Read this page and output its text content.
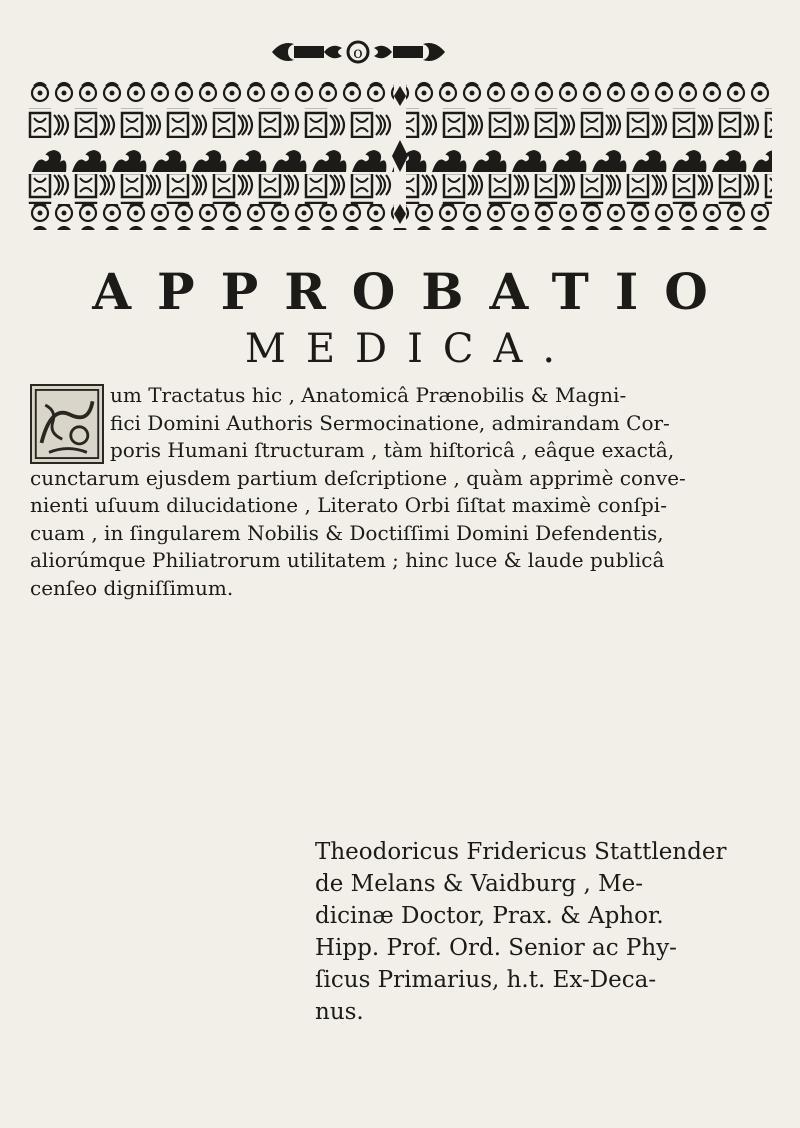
o
APPROBATIO
MEDICA.
um Tractatus hic , Anatomicâ Prænobilis & Magni-
fici Domini Authoris Sermocinatione, admirandam Cor-
poris Humani ſtructuram , tàm hiſtoricâ , eâque exactâ,
cunctarum ejusdem partium deſcriptione , quàm apprimè conve-
nienti uſuum dilucidatione , Literato Orbi ſiſtat maximè conſpi-
cuam , in ſingularem Nobilis & Doctiſſimi Domini Defendentis,
aliorúmque Philiatrorum utilitatem ; hinc luce & laude publicâ
cenſeo digniſſimum.
Theodoricus Fridericus Stattlender
de Melans & Vaidburg , Me-
dicinæ Doctor, Prax. & Aphor.
Hipp. Prof. Ord. Senior ac Phy-
ſicus Primarius, h.t. Ex-Deca-
nus.
